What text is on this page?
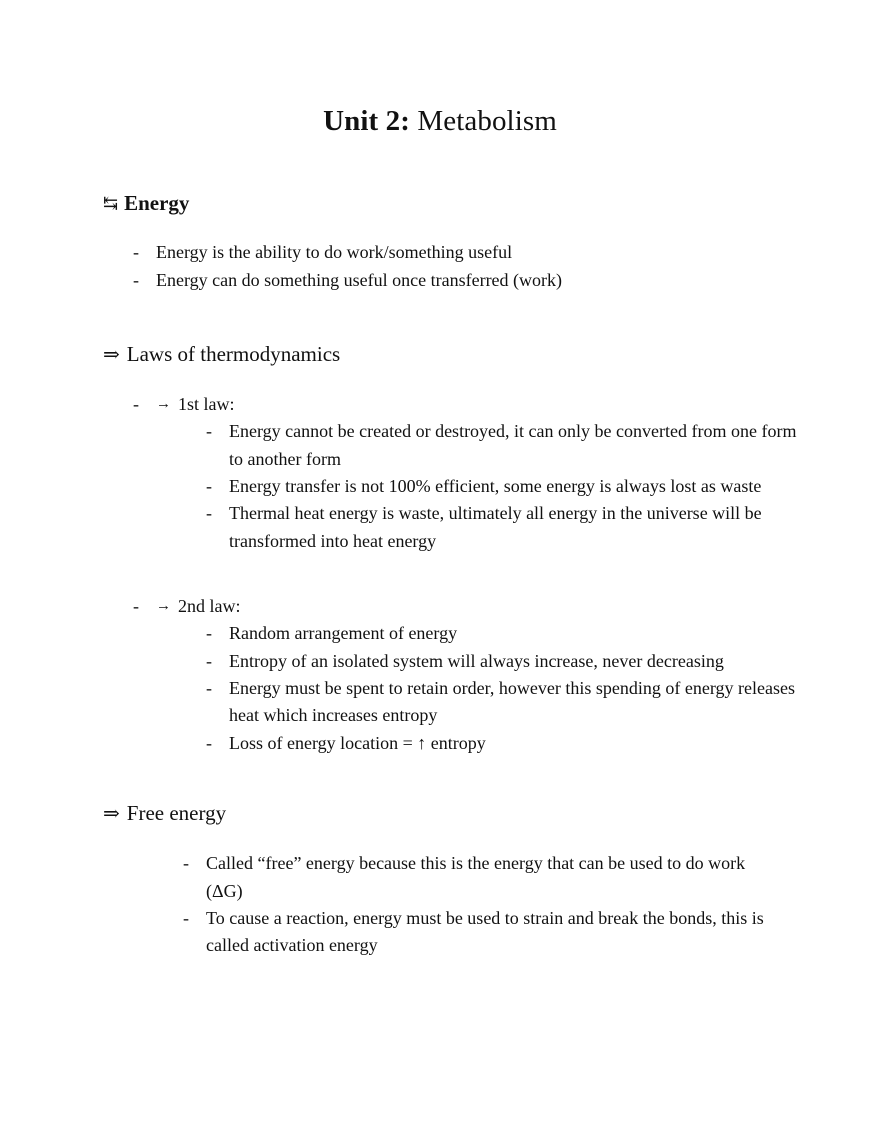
Unit 2: Metabolism
↹ Energy
- Energy is the ability to do work/something useful
- Energy can do something useful once transferred (work)
⇒ Laws of thermodynamics
- → 1st law:
- Energy cannot be created or destroyed, it can only be converted from one form to another form
- Energy transfer is not 100% efficient, some energy is always lost as waste
- Thermal heat energy is waste, ultimately all energy in the universe will be transformed into heat energy
- → 2nd law:
- Random arrangement of energy
- Entropy of an isolated system will always increase, never decreasing
- Energy must be spent to retain order, however this spending of energy releases heat which increases entropy
- Loss of energy location = ↑ entropy
⇒ Free energy
- Called “free” energy because this is the energy that can be used to do work (ΔG)
- To cause a reaction, energy must be used to strain and break the bonds, this is called activation energy
